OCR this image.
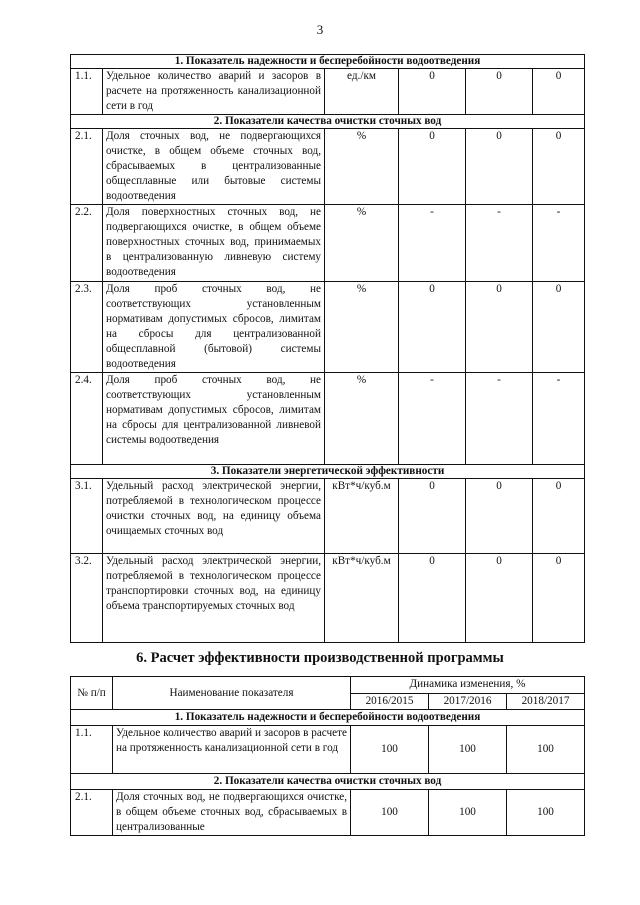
3
1. Показатель надежности и бесперебойности водоотведения					
1.1.	Удельное количество аварий и засоров в расчете на протяженность канализационной сети в год	ед./км	0	0	0
2. Показатели качества очистки сточных вод					
2.1.	Доля сточных вод, не подвергающихся очистке, в общем объеме сточных вод, сбрасываемых в централизованные общесплавные или бытовые системы водоотведения	%	0	0	0
2.2.	Доля поверхностных сточных вод, не подвергающихся очистке, в общем объеме поверхностных сточных вод, принимаемых в централизованную ливневую систему водоотведения	%	-	-	-
2.3.	Доля проб сточных вод, не соответствующих установленным нормативам допустимых сбросов, лимитам на сбросы для централизованной общесплавной (бытовой) системы водоотведения	%	0	0	0
2.4.	Доля проб сточных вод, не соответствующих установленным нормативам допустимых сбросов, лимитам на сбросы для централизованной ливневой системы водоотведения	%	-	-	-
3. Показатели энергетической эффективности					
3.1.	Удельный расход электрической энергии, потребляемой в технологическом процессе очистки сточных вод, на единицу объема очищаемых сточных вод	кВт*ч/куб.м	0	0	0
3.2.	Удельный расход электрической энергии, потребляемой в технологическом процессе транспортировки сточных вод, на единицу объема транспортируемых сточных вод	кВт*ч/куб.м	0	0	0
6. Расчет эффективности производственной программы
№ п/п	Наименование показателя	Динамика изменения, %		
		2016/2015	2017/2016	2018/2017
1. Показатель надежности и бесперебойности водоотведения				
1.1.	Удельное количество аварий и засоров в расчете на протяженность канализационной сети в год	100	100	100
2. Показатели качества очистки сточных вод				
2.1.	Доля сточных вод, не подвергающихся очистке, в общем объеме сточных вод, сбрасываемых в централизованные	100	100	100
